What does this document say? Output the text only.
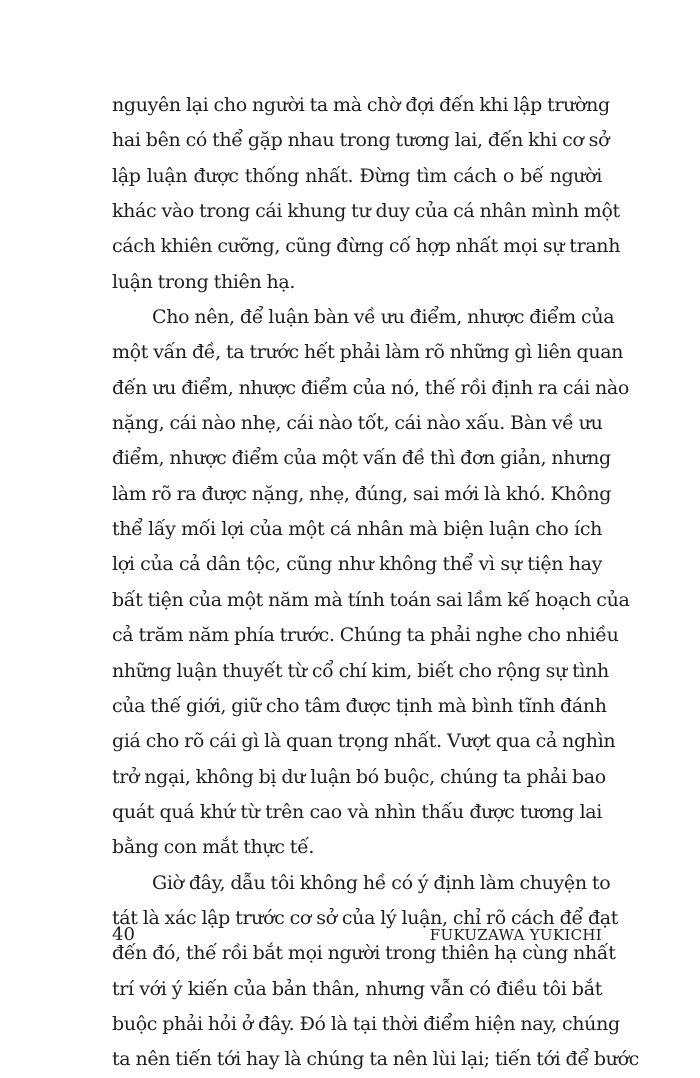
nguyên lại cho người ta mà chờ đợi đến khi lập trường
hai bên có thể gặp nhau trong tương lai, đến khi cơ sở
lập luận được thống nhất. Đừng tìm cách o bế người
khác vào trong cái khung tư duy của cá nhân mình một
cách khiên cưỡng, cũng đừng cố hợp nhất mọi sự tranh
luận trong thiên hạ.
Cho nên, để luận bàn về ưu điểm, nhược điểm của
một vấn đề, ta trước hết phải làm rõ những gì liên quan
đến ưu điểm, nhược điểm của nó, thế rồi định ra cái nào
nặng, cái nào nhẹ, cái nào tốt, cái nào xấu. Bàn về ưu
điểm, nhược điểm của một vấn đề thì đơn giản, nhưng
làm rõ ra được nặng, nhẹ, đúng, sai mới là khó. Không
thể lấy mối lợi của một cá nhân mà biện luận cho ích
lợi của cả dân tộc, cũng như không thể vì sự tiện hay
bất tiện của một năm mà tính toán sai lầm kế hoạch của
cả trăm năm phía trước. Chúng ta phải nghe cho nhiều
những luận thuyết từ cổ chí kim, biết cho rộng sự tình
của thế giới, giữ cho tâm được tịnh mà bình tĩnh đánh
giá cho rõ cái gì là quan trọng nhất. Vượt qua cả nghìn
trở ngại, không bị dư luận bó buộc, chúng ta phải bao
quát quá khứ từ trên cao và nhìn thấu được tương lai
bằng con mắt thực tế.
Giờ đây, dẫu tôi không hề có ý định làm chuyện to
tát là xác lập trước cơ sở của lý luận, chỉ rõ cách để đạt
đến đó, thế rồi bắt mọi người trong thiên hạ cùng nhất
trí với ý kiến của bản thân, nhưng vẫn có điều tôi bắt
buộc phải hỏi ở đây. Đó là tại thời điểm hiện nay, chúng
ta nên tiến tới hay là chúng ta nên lùi lại; tiến tới để bước
40	FUKUZAWA YUKICHI
